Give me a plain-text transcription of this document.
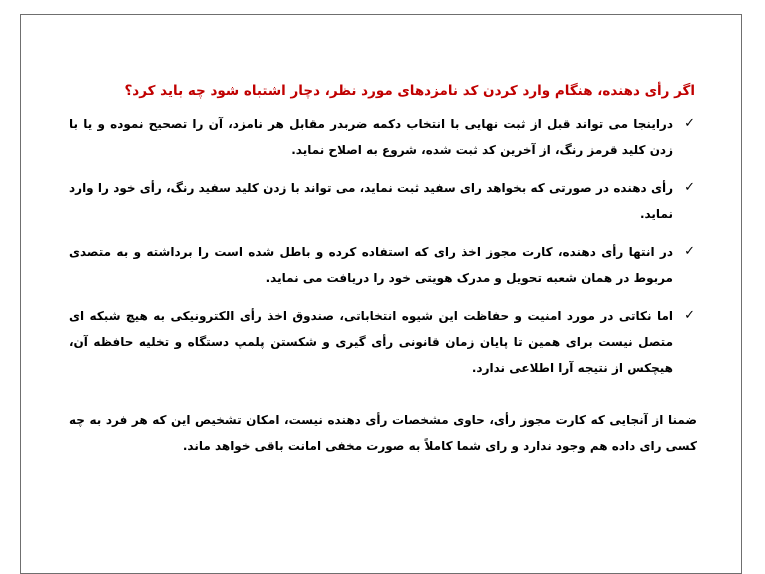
اگر رأی دهنده، هنگام وارد کردن کد نامزدهای مورد نظر، دچار اشتباه شود چه باید کرد؟
✓
دراینجا می تواند قبل از ثبت نهایی با انتخاب دکمه ضربدر مقابل هر نامزد، آن را تصحیح نموده و یا با زدن کلید قرمز رنگ، از آخرین کد ثبت شده، شروع به اصلاح نماید.
✓
رأی دهنده در صورتی که بخواهد رای سفید ثبت نماید، می تواند با زدن کلید سفید رنگ، رأی خود را وارد نماید.
✓
در انتها رأی دهنده، کارت مجوز اخذ رای که استفاده کرده و باطل شده است را برداشته و به متصدی مربوط در همان شعبه تحویل و مدرک هویتی خود را دریافت می نماید.
✓
اما نکاتی در مورد امنیت و حفاظت این شیوه انتخاباتی، صندوق اخذ رأی الکترونیکی به هیچ شبکه ای متصل نیست برای همین تا پایان زمان قانونی رأی گیری و شکستن پلمپ دستگاه و تخلیه حافظه آن، هیچکس از نتیجه آرا اطلاعی ندارد.
ضمنا از آنجایی که کارت مجوز رأی، حاوی مشخصات رأی دهنده نیست، امکان تشخیص این که هر فرد به چه کسی رای داده هم وجود ندارد و رای شما کاملاً به صورت مخفی امانت باقی خواهد ماند.
